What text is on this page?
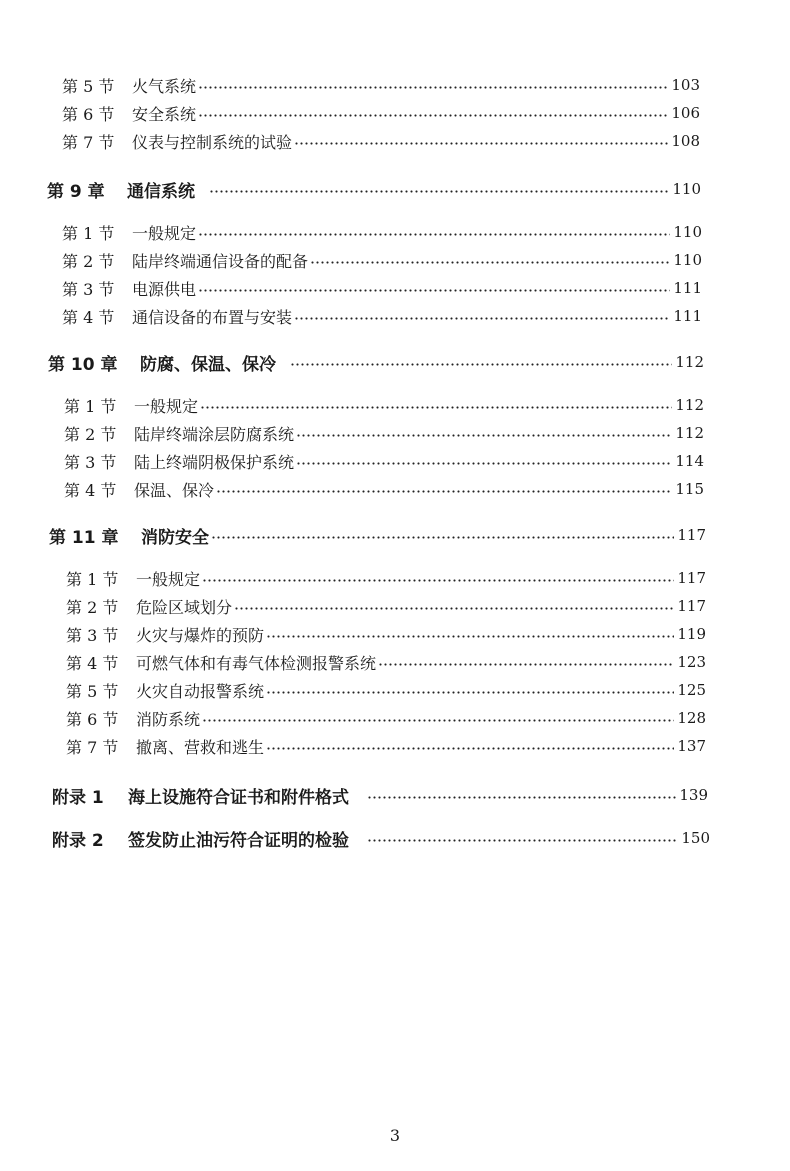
第 5 节	火气系统	103
第 6 节	安全系统	106
第 7 节	仪表与控制系统的试验	108
第 9 章	通信系统	110
第 1 节	一般规定	110
第 2 节	陆岸终端通信设备的配备	110
第 3 节	电源供电	111
第 4 节	通信设备的布置与安装	111
第 10 章	防腐、保温、保冷	112
第 1 节	一般规定	112
第 2 节	陆岸终端涂层防腐系统	112
第 3 节	陆上终端阴极保护系统	114
第 4 节	保温、保冷	115
第 11 章	消防安全	117
第 1 节	一般规定	117
第 2 节	危险区域划分	117
第 3 节	火灾与爆炸的预防	119
第 4 节	可燃气体和有毒气体检测报警系统	123
第 5 节	火灾自动报警系统	125
第 6 节	消防系统	128
第 7 节	撤离、营救和逃生	137
附录 1	海上设施符合证书和附件格式	139
附录 2	签发防止油污符合证明的检验	150
3
